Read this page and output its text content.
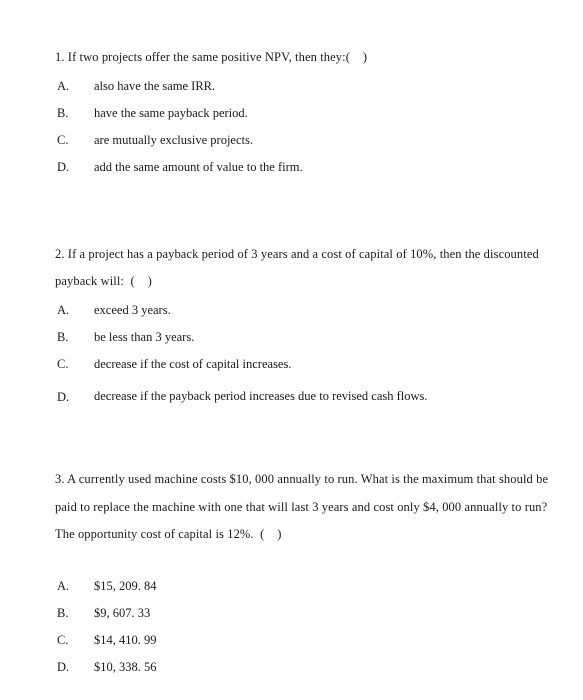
1. If two projects offer the same positive NPV, then they:(    )
A.	also have the same IRR.
B.	have the same payback period.
C.	are mutually exclusive projects.
D.	add the same amount of value to the firm.
2. If a project has a payback period of 3 years and a cost of capital of 10%, then the discounted payback will:  (    )
A.	exceed 3 years.
B.	be less than 3 years.
C.	decrease if the cost of capital increases.
D.	decrease if the payback period increases due to revised cash flows.
3. A currently used machine costs $10, 000 annually to run. What is the maximum that should be paid to replace the machine with one that will last 3 years and cost only $4, 000 annually to run? The opportunity cost of capital is 12%.  (    )
A.	$15, 209. 84
B.	$9, 607. 33
C.	$14, 410. 99
D.	$10, 338. 56
